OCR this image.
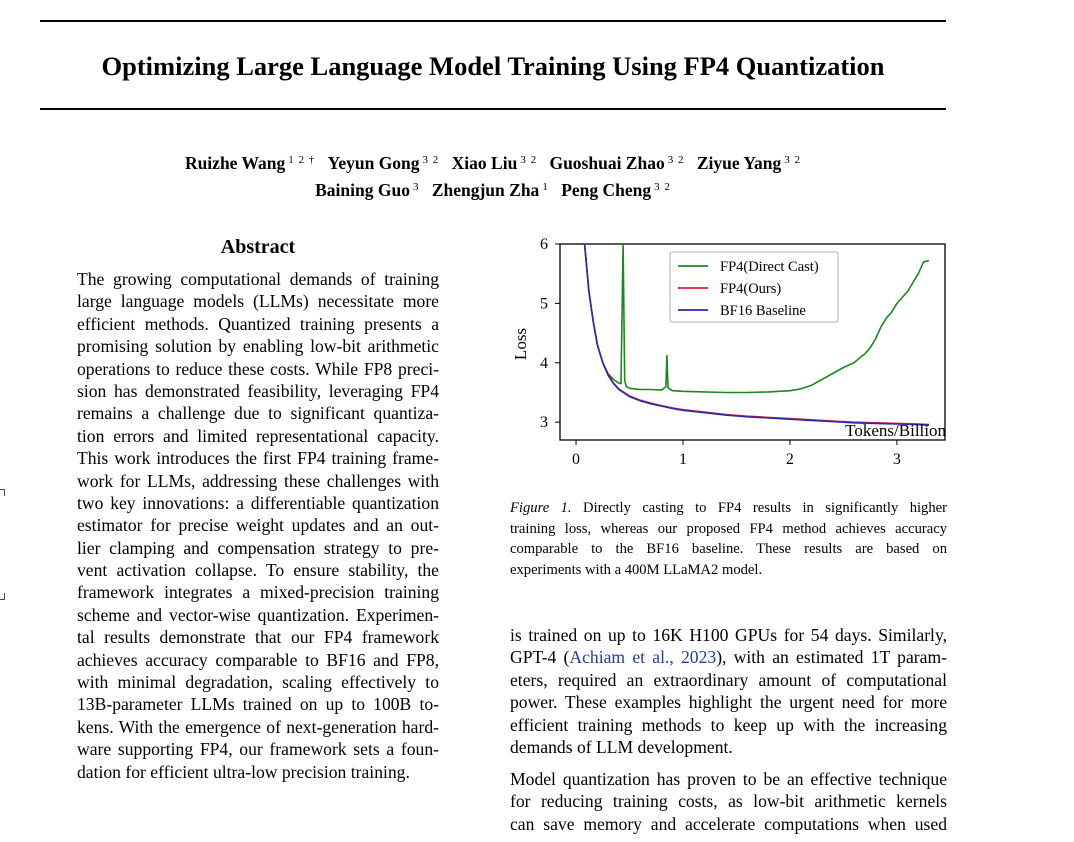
Optimizing Large Language Model Training Using FP4 Quantization
Ruizhe Wang $^{1 2 \dagger}$ Yeyun Gong $^{3 2}$ Xiao Liu $^{3 2}$ Guoshuai Zhao $^{3 2}$ Ziyue Yang $^{3 2}$
Baining Guo $^3$ Zhengjun Zha $^1$ Peng Cheng $^{3 2}$
Abstract
The growing computational demands of training
large language models (LLMs) necessitate more
efficient methods. Quantized training presents a
promising solution by enabling low-bit arithmetic
operations to reduce these costs. While FP8 preci-
sion has demonstrated feasibility, leveraging FP4
remains a challenge due to significant quantiza-
tion errors and limited representational capacity.
This work introduces the first FP4 training frame-
work for LLMs, addressing these challenges with
two key innovations: a differentiable quantization
estimator for precise weight updates and an out-
lier clamping and compensation strategy to pre-
vent activation collapse. To ensure stability, the
framework integrates a mixed-precision training
scheme and vector-wise quantization. Experimen-
tal results demonstrate that our FP4 framework
achieves accuracy comparable to BF16 and FP8,
with minimal degradation, scaling effectively to
13B-parameter LLMs trained on up to 100B to-
kens. With the emergence of next-generation hard-
ware supporting FP4, our framework sets a foun-
dation for efficient ultra-low precision training.
0	1	2	3
3
4
5
6
Loss
Tokens/Billion
FP4(Direct Cast)
FP4(Ours)
BF16 Baseline
Figure 1. Directly casting to FP4 results in significantly higher
training loss, whereas our proposed FP4 method achieves accuracy
comparable to the BF16 baseline. These results are based on
experiments with a 400M LLaMA2 model.
is trained on up to 16K H100 GPUs for 54 days. Similarly,
GPT-4 (Achiam et al., 2023), with an estimated 1T param-
eters, required an extraordinary amount of computational
power. These examples highlight the urgent need for more
efficient training methods to keep up with the increasing
demands of LLM development.
Model quantization has proven to be an effective technique
for reducing training costs, as low-bit arithmetic kernels
can save memory and accelerate computations when used
